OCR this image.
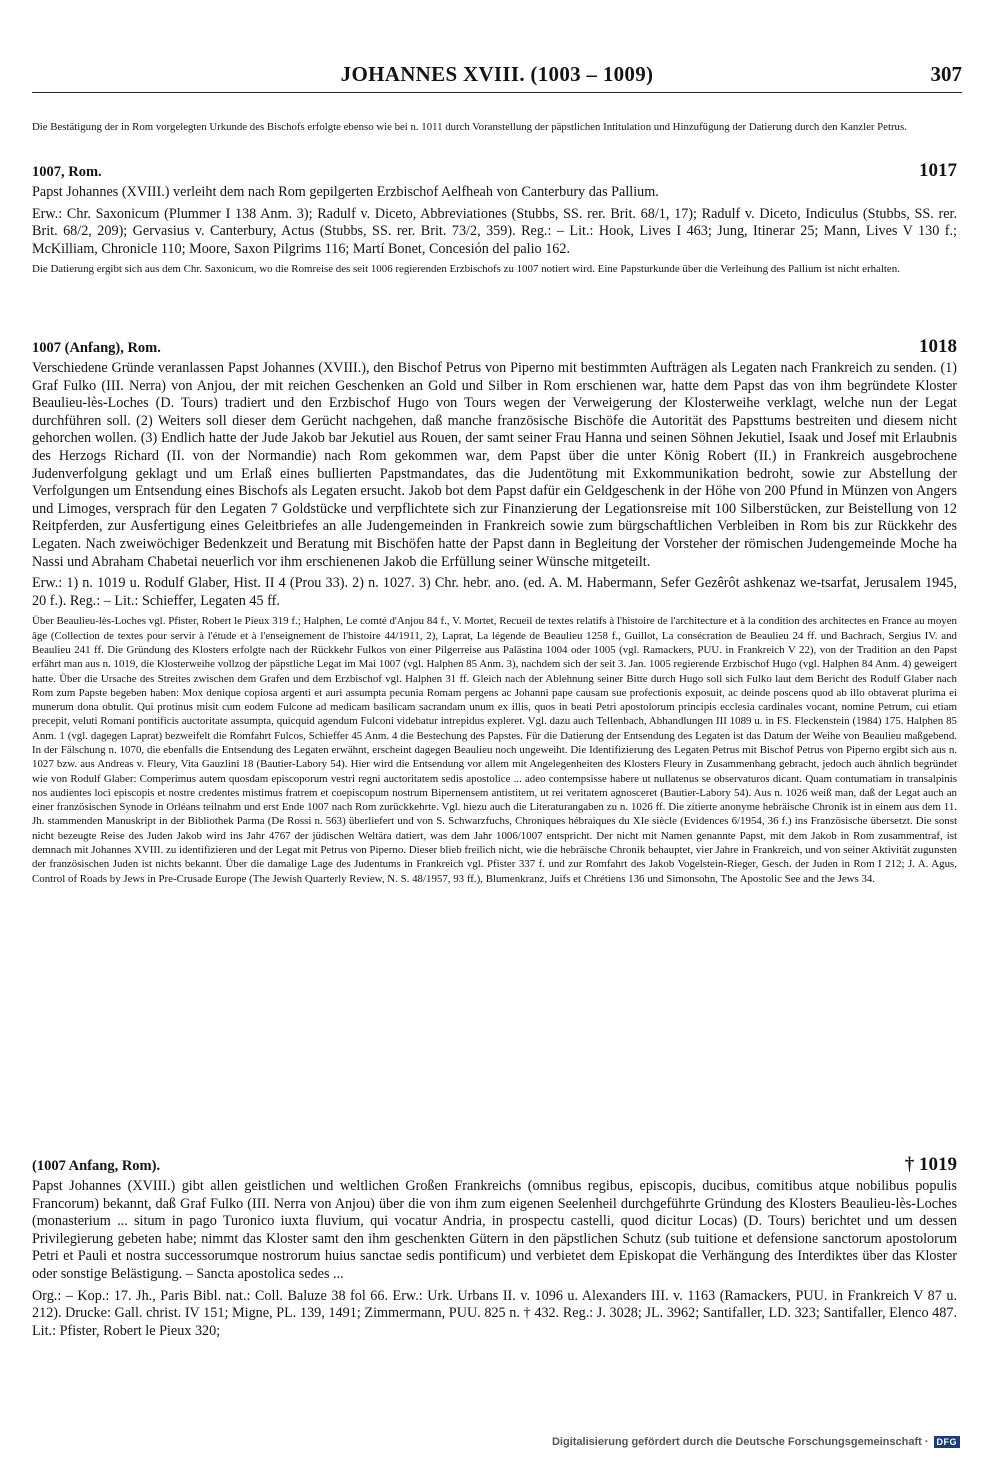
JOHANNES XVIII. (1003 – 1009)	307
Die Bestätigung der in Rom vorgelegten Urkunde des Bischofs erfolgte ebenso wie bei n. 1011 durch Voranstellung der päpstlichen Intitulation und Hinzufügung der Datierung durch den Kanzler Petrus.
1007, Rom.	1017

Papst Johannes (XVIII.) verleiht dem nach Rom gepilgerten Erzbischof Aelfheah von Canterbury das Pallium.

Erw.: Chr. Saxonicum (Plummer I 138 Anm. 3); Radulf v. Diceto, Abbreviationes (Stubbs, SS. rer. Brit. 68/1, 17); Radulf v. Diceto, Indiculus (Stubbs, SS. rer. Brit. 68/2, 209); Gervasius v. Canterbury, Actus (Stubbs, SS. rer. Brit. 73/2, 359). Reg.: – Lit.: Hook, Lives I 463; Jung, Itinerar 25; Mann, Lives V 130 f.; McKilliam, Chronicle 110; Moore, Saxon Pilgrims 116; Martí Bonet, Concesión del palio 162.

Die Datierung ergibt sich aus dem Chr. Saxonicum, wo die Romreise des seit 1006 regierenden Erzbischofs zu 1007 notiert wird. Eine Papsturkunde über die Verleihung des Pallium ist nicht erhalten.

1007 (Anfang), Rom.	1018

Verschiedene Gründe veranlassen Papst Johannes (XVIII.), den Bischof Petrus von Piperno mit bestimmten Aufträgen als Legaten nach Frankreich zu senden. (1) Graf Fulko (III. Nerra) von Anjou, der mit reichen Geschenken an Gold und Silber in Rom erschienen war, hatte dem Papst das von ihm begründete Kloster Beaulieu-lès-Loches (D. Tours) tradiert und den Erzbischof Hugo von Tours wegen der Verweigerung der Klosterweihe verklagt, welche nun der Legat durchführen soll. (2) Weiters soll dieser dem Gerücht nachgehen, daß manche französische Bischöfe die Autorität des Papsttums bestreiten und diesem nicht gehorchen wollen. (3) Endlich hatte der Jude Jakob bar Jekutiel aus Rouen, der samt seiner Frau Hanna und seinen Söhnen Jekutiel, Isaak und Josef mit Erlaubnis des Herzogs Richard (II. von der Normandie) nach Rom gekommen war, dem Papst über die unter König Robert (II.) in Frankreich ausgebrochene Judenverfolgung geklagt und um Erlaß eines bullierten Papstmandates, das die Judentötung mit Exkommunikation bedroht, sowie zur Abstellung der Verfolgungen um Entsendung eines Bischofs als Legaten ersucht. Jakob bot dem Papst dafür ein Geldgeschenk in der Höhe von 200 Pfund in Münzen von Angers und Limoges, versprach für den Legaten 7 Goldstücke und verpflichtete sich zur Finanzierung der Legationsreise mit 100 Silberstücken, zur Beistellung von 12 Reitpferden, zur Ausfertigung eines Geleitbriefes an alle Judengemeinden in Frankreich sowie zum bürgschaftlichen Verbleiben in Rom bis zur Rückkehr des Legaten. Nach zweiwöchiger Bedenkzeit und Beratung mit Bischöfen hatte der Papst dann in Begleitung der Vorsteher der römischen Judengemeinde Moche ha Nassi und Abraham Chabetai neuerlich vor ihm erschienenen Jakob die Erfüllung seiner Wünsche mitgeteilt.

Erw.: 1) n. 1019 u. Rodulf Glaber, Hist. II 4 (Prou 33). 2) n. 1027. 3) Chr. hebr. ano. (ed. A. M. Habermann, Sefer Gezêrôt ashkenaz we-tsarfat, Jerusalem 1945, 20 f.). Reg.: – Lit.: Schieffer, Legaten 45 ff.

Über Beaulieu-lès-Loches vgl. Pfister, Robert le Pieux 319 f.; Halphen, Le comté d'Anjou 84 f., V. Mortet, Recueil de textes relatifs à l'histoire de l'architecture et à la condition des architectes en France au moyen âge (Collection de textes pour servir à l'étude et à l'enseignement de l'histoire 44/1911, 2), Laprat, La légende de Beaulieu 1258 f., Guillot, La consécration de Beaulieu 24 ff. und Bachrach, Sergius IV. and Beaulieu 241 ff. Die Gründung des Klosters erfolgte nach der Rückkehr Fulkos von einer Pilgerreise aus Palästina 1004 oder 1005 (vgl. Ramackers, PUU. in Frankreich V 22), von der Tradition an den Papst erfährt man aus n. 1019, die Klosterweihe vollzog der päpstliche Legat im Mai 1007 (vgl. Halphen 85 Anm. 3), nachdem sich der seit 3. Jan. 1005 regierende Erzbischof Hugo (vgl. Halphen 84 Anm. 4) geweigert hatte. Über die Ursache des Streites zwischen dem Grafen und dem Erzbischof vgl. Halphen 31 ff. Gleich nach der Ablehnung seiner Bitte durch Hugo soll sich Fulko laut dem Bericht des Rodulf Glaber nach Rom zum Papste begeben haben: Mox denique copiosa argenti et auri assumpta pecunia Romam pergens ac Johanni pape causam sue profectionis exposuit, ac deinde poscens quod ab illo obtaverat plurima ei munerum dona obtulit. Qui protinus misit cum eodem Fulcone ad medicam basilicam sacrandam unum ex illis, quos in beati Petri apostolorum principis ecclesia cardinales vocant, nomine Petrum, cui etiam precepit, veluti Romani pontificis auctoritate assumpta, quicquid agendum Fulconi videbatur intrepidus expleret. Vgl. dazu auch Tellenbach, Abhandlungen III 1089 u. in FS. Fleckenstein (1984) 175. Halphen 85 Anm. 1 (vgl. dagegen Laprat) bezweifelt die Romfahrt Fulcos, Schieffer 45 Anm. 4 die Bestechung des Papstes. Für die Datierung der Entsendung des Legaten ist das Datum der Weihe von Beaulieu maßgebend. In der Fälschung n. 1070, die ebenfalls die Entsendung des Legaten erwähnt, erscheint dagegen Beaulieu noch ungeweiht. Die Identifizierung des Legaten Petrus mit Bischof Petrus von Piperno ergibt sich aus n. 1027 bzw. aus Andreas v. Fleury, Vita Gauzlini 18 (Bautier-Labory 54). Hier wird die Entsendung vor allem mit Angelegenheiten des Klosters Fleury in Zusammenhang gebracht, jedoch auch ähnlich begründet wie von Rodulf Glaber: Comperimus autem quosdam episcoporum vestri regni auctoritatem sedis apostolice ... adeo contempsisse habere ut nullatenus se observaturos dicant. Quam contumatiam in transalpinis nos audientes loci episcopis et nostre credentes mistimus fratrem et coepiscopum nostrum Bipernensem antistitem, ut rei veritatem agnosceret (Bautier-Labory 54). Aus n. 1026 weiß man, daß der Legat auch an einer französischen Synode in Orléans teilnahm und erst Ende 1007 nach Rom zurückkehrte. Vgl. hiezu auch die Literaturangaben zu n. 1026 ff. Die zitierte anonyme hebräische Chronik ist in einem aus dem 11. Jh. stammenden Manuskript in der Bibliothek Parma (De Rossi n. 563) überliefert und von S. Schwarzfuchs, Chroniques hébraiques du XIe siècle (Evidences 6/1954, 36 f.) ins Französische übersetzt. Die sonst nicht bezeugte Reise des Juden Jakob wird ins Jahr 4767 der jüdischen Weltära datiert, was dem Jahr 1006/1007 entspricht. Der nicht mit Namen genannte Papst, mit dem Jakob in Rom zusammentraf, ist demnach mit Johannes XVIII. zu identifizieren und der Legat mit Petrus von Piperno. Dieser blieb freilich nicht, wie die hebräische Chronik behauptet, vier Jahre in Frankreich, und von seiner Aktivität zugunsten der französischen Juden ist nichts bekannt. Über die damalige Lage des Judentums in Frankreich vgl. Pfister 337 f. und zur Romfahrt des Jakob Vogelstein-Rieger, Gesch. der Juden in Rom I 212; J. A. Agus, Control of Roads by Jews in Pre-Crusade Europe (The Jewish Quarterly Review, N. S. 48/1957, 93 ff.), Blumenkranz, Juifs et Chrétiens 136 und Simonsohn, The Apostolic See and the Jews 34.

(1007 Anfang, Rom).	† 1019

Papst Johannes (XVIII.) gibt allen geistlichen und weltlichen Großen Frankreichs (omnibus regibus, episcopis, ducibus, comitibus atque nobilibus populis Francorum) bekannt, daß Graf Fulko (III. Nerra von Anjou) über die von ihm zum eigenen Seelenheil durchgeführte Gründung des Klosters Beaulieu-lès-Loches (monasterium ... situm in pago Turonico iuxta fluvium, qui vocatur Andria, in prospectu castelli, quod dicitur Locas) (D. Tours) berichtet und um dessen Privilegierung gebeten habe; nimmt das Kloster samt den ihm geschenkten Gütern in den päpstlichen Schutz (sub tuitione et defensione sanctorum apostolorum Petri et Pauli et nostra successorumque nostrorum huius sanctae sedis pontificum) und verbietet dem Episkopat die Verhängung des Interdiktes über das Kloster oder sonstige Belästigung. – Sancta apostolica sedes ...

Org.: – Kop.: 17. Jh., Paris Bibl. nat.: Coll. Baluze 38 fol 66. Erw.: Urk. Urbans II. v. 1096 u. Alexanders III. v. 1163 (Ramackers, PUU. in Frankreich V 87 u. 212). Drucke: Gall. christ. IV 151; Migne, PL. 139, 1491; Zimmermann, PUU. 825 n. † 432. Reg.: J. 3028; JL. 3962; Santifaller, LD. 323; Santifaller, Elenco 487. Lit.: Pfister, Robert le Pieux 320;

Digitalisierung gefördert durch die Deutsche Forschungsgemeinschaft · DFG
